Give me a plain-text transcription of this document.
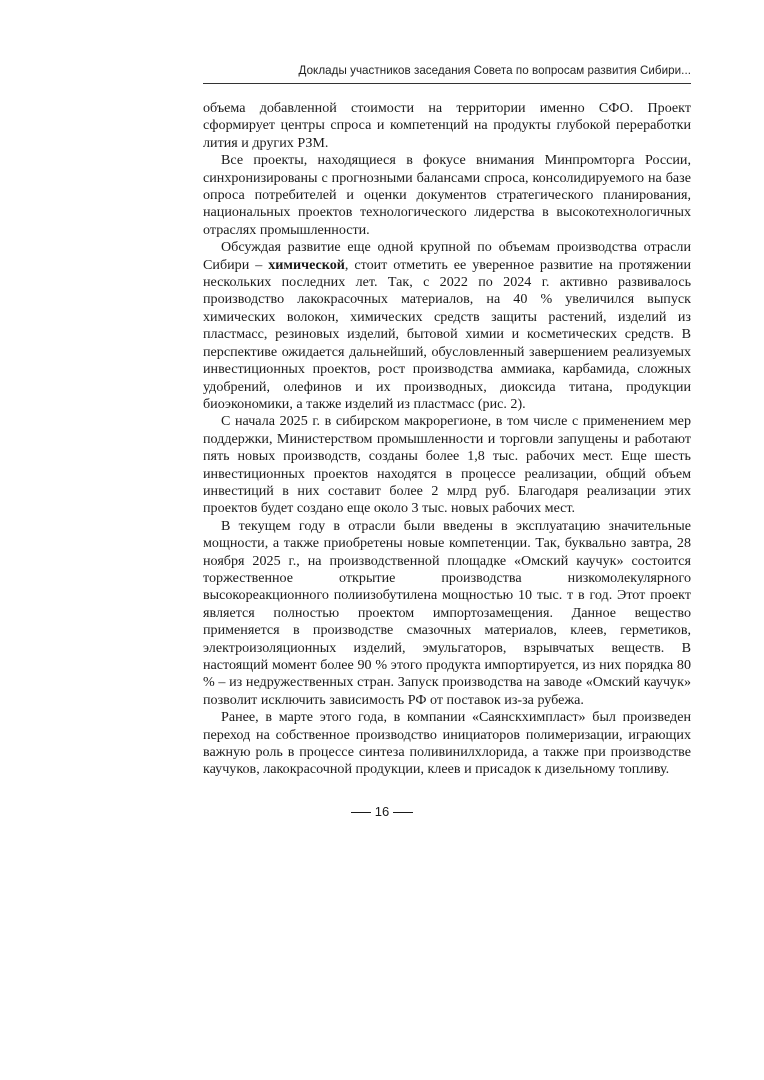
Доклады участников заседания Совета по вопросам развития Сибири...

объема добавленной стоимости на территории именно СФО. Проект сформирует центры спроса и компетенций на продукты глубокой переработки лития и других РЗМ.

Все проекты, находящиеся в фокусе внимания Минпромторга России, синхронизированы с прогнозными балансами спроса, консолидируемого на базе опроса потребителей и оценки документов стратегического планирования, национальных проектов технологического лидерства в высокотехнологичных отраслях промышленности.

Обсуждая развитие еще одной крупной по объемам производства отрасли Сибири – химической, стоит отметить ее уверенное развитие на протяжении нескольких последних лет. Так, с 2022 по 2024 г. активно развивалось производство лакокрасочных материалов, на 40 % увеличился выпуск химических волокон, химических средств защиты растений, изделий из пластмасс, резиновых изделий, бытовой химии и косметических средств. В перспективе ожидается дальнейший, обусловленный завершением реализуемых инвестиционных проектов, рост производства аммиака, карбамида, сложных удобрений, олефинов и их производных, диоксида титана, продукции биоэкономики, а также изделий из пластмасс (рис. 2).

С начала 2025 г. в сибирском макрорегионе, в том числе с применением мер поддержки, Министерством промышленности и торговли запущены и работают пять новых производств, созданы более 1,8 тыс. рабочих мест. Еще шесть инвестиционных проектов находятся в процессе реализации, общий объем инвестиций в них составит более 2 млрд руб. Благодаря реализации этих проектов будет создано еще около 3 тыс. новых рабочих мест.

В текущем году в отрасли были введены в эксплуатацию значительные мощности, а также приобретены новые компетенции. Так, буквально завтра, 28 ноября 2025 г., на производственной площадке «Омский каучук» состоится торжественное открытие производства низкомолекулярного высокореакционного полиизобутилена мощностью 10 тыс. т в год. Этот проект является полностью проектом импортозамещения. Данное вещество применяется в производстве смазочных материалов, клеев, герметиков, электроизоляционных изделий, эмульгаторов, взрывчатых веществ. В настоящий момент более 90 % этого продукта импортируется, из них порядка 80 % – из недружественных стран. Запуск производства на заводе «Омский каучук» позволит исключить зависимость РФ от поставок из-за рубежа.

Ранее, в марте этого года, в компании «Саянскхимпласт» был произведен переход на собственное производство инициаторов полимеризации, играющих важную роль в процессе синтеза поливинилхлорида, а также при производстве каучуков, лакокрасочной продукции, клеев и присадок к дизельному топливу.

16
